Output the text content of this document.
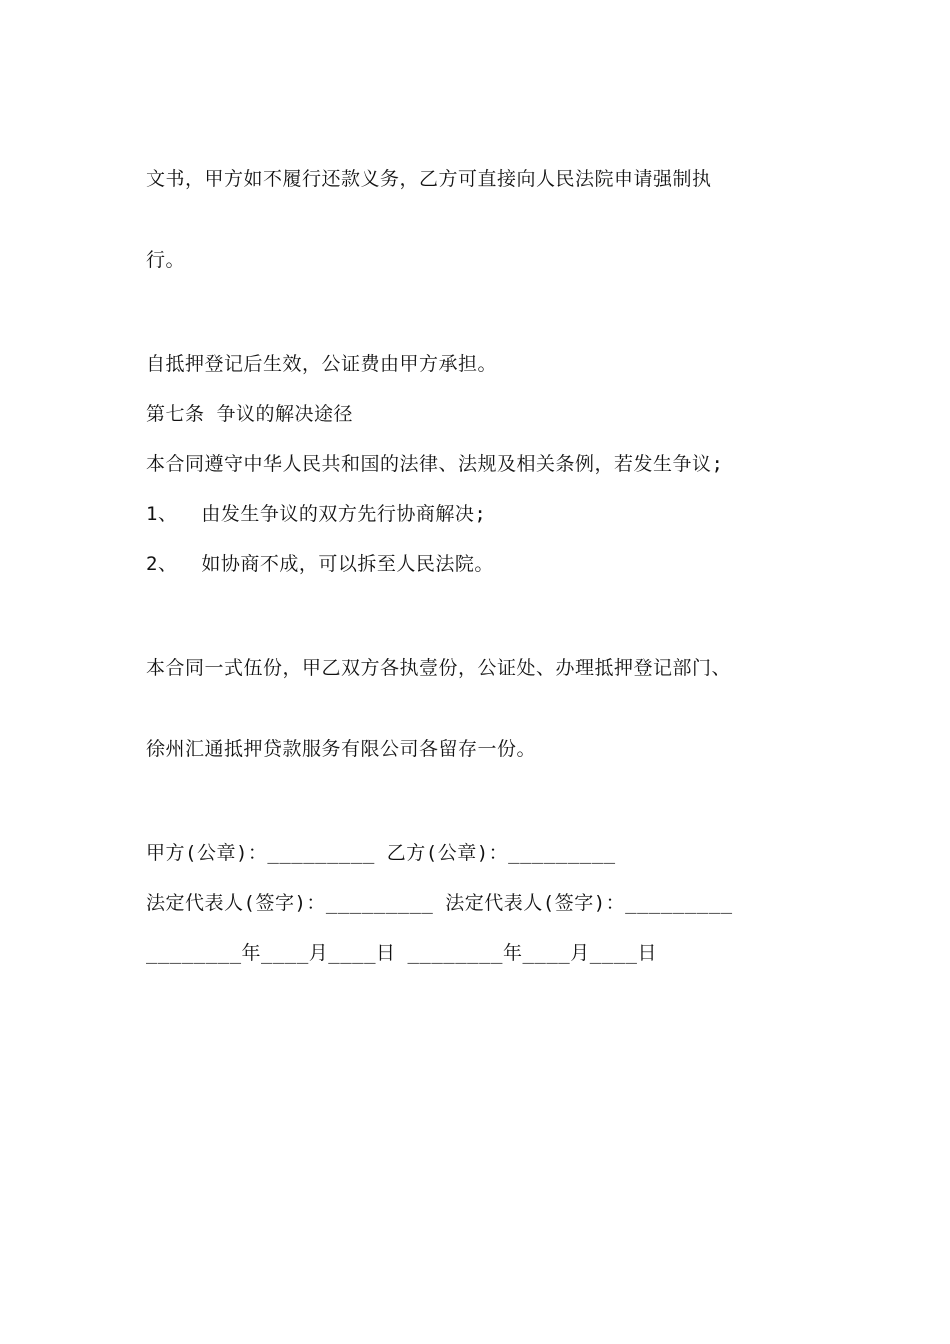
文书，甲方如不履行还款义务，乙方可直接向人民法院申请强制执

行。

自抵押登记后生效，公证费由甲方承担。

第七条 争议的解决途径

本合同遵守中华人民共和国的法律、法规及相关条例，若发生争议;

1、  由发生争议的双方先行协商解决;

2、  如协商不成，可以拆至人民法院。

本合同一式伍份，甲乙双方各执壹份，公证处、办理抵押登记部门、

徐州汇通抵押贷款服务有限公司各留存一份。

甲方(公章)：_________ 乙方(公章)：_________

法定代表人(签字)：_________ 法定代表人(签字)：_________

________年____月____日 ________年____月____日
